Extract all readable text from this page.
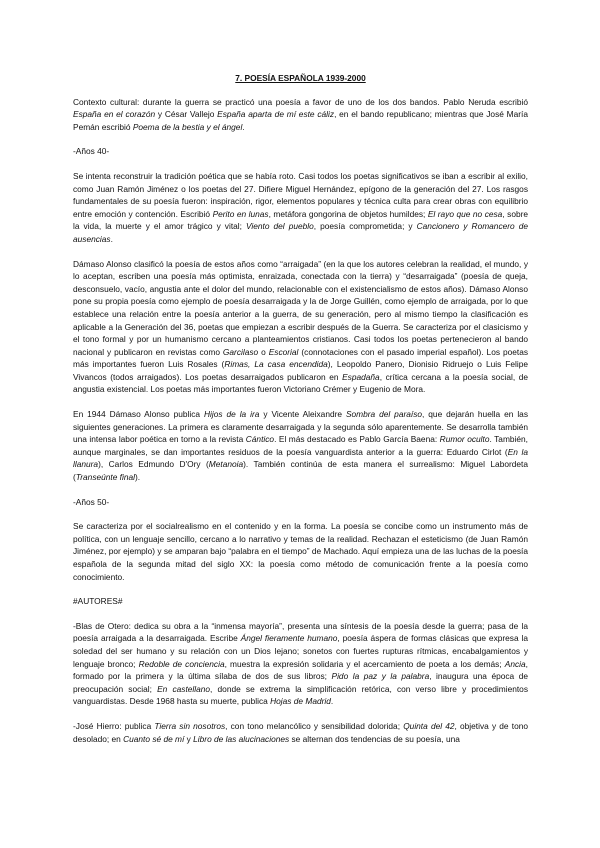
7. POESÍA ESPAÑOLA 1939-2000

Contexto cultural: durante la guerra se practicó una poesía a favor de uno de los dos bandos. Pablo Neruda escribió España en el corazón y César Vallejo España aparta de mí este cáliz, en el bando republicano; mientras que José María Pemán escribió Poema de la bestia y el ángel.

-Años 40-

Se intenta reconstruir la tradición poética que se había roto. Casi todos los poetas significativos se iban a escribir al exilio, como Juan Ramón Jiménez o los poetas del 27. Difiere Miguel Hernández, epígono de la generación del 27. Los rasgos fundamentales de su poesía fueron: inspiración, rigor, elementos populares y técnica culta para crear obras con equilibrio entre emoción y contención. Escribió Perito en lunas, metáfora gongorina de objetos humildes; El rayo que no cesa, sobre la vida, la muerte y el amor trágico y vital; Viento del pueblo, poesía comprometida; y Cancionero y Romancero de ausencias.

Dámaso Alonso clasificó la poesía de estos años como “arraigada” (en la que los autores celebran la realidad, el mundo, y lo aceptan, escriben una poesía más optimista, enraizada, conectada con la tierra) y “desarraigada” (poesía de queja, desconsuelo, vacío, angustia ante el dolor del mundo, relacionable con el existencialismo de estos años). Dámaso Alonso pone su propia poesía como ejemplo de poesía desarraigada y la de Jorge Guillén, como ejemplo de arraigada, por lo que establece una relación entre la poesía anterior a la guerra, de su generación, pero al mismo tiempo la clasificación es aplicable a la Generación del 36, poetas que empiezan a escribir después de la Guerra. Se caracteriza por el clasicismo y el tono formal y por un humanismo cercano a planteamientos cristianos. Casi todos los poetas pertenecieron al bando nacional y publicaron en revistas como Garcilaso o Escorial (connotaciones con el pasado imperial español). Los poetas más importantes fueron Luis Rosales (Rimas, La casa encendida), Leopoldo Panero, Dionisio Ridruejo o Luis Felipe Vivancos (todos arraigados). Los poetas desarraigados publicaron en Espadaña, crítica cercana a la poesía social, de angustia existencial. Los poetas más importantes fueron Victoriano Crémer y Eugenio de Mora.

En 1944 Dámaso Alonso publica Hijos de la ira y Vicente Aleixandre Sombra del paraíso, que dejarán huella en las siguientes generaciones. La primera es claramente desarraigada y la segunda sólo aparentemente. Se desarrolla también una intensa labor poética en torno a la revista Cántico. El más destacado es Pablo García Baena: Rumor oculto. También, aunque marginales, se dan importantes residuos de la poesía vanguardista anterior a la guerra: Eduardo Cirlot (En la llanura), Carlos Edmundo D'Ory (Metanoia). También continúa de esta manera el surrealismo: Miguel Labordeta (Transeúnte final).

-Años 50-

Se caracteriza por el socialrealismo en el contenido y en la forma. La poesía se concibe como un instrumento más de política, con un lenguaje sencillo, cercano a lo narrativo y temas de la realidad. Rechazan el esteticismo (de Juan Ramón Jiménez, por ejemplo) y se amparan bajo “palabra en el tiempo” de Machado. Aquí empieza una de las luchas de la poesía española de la segunda mitad del siglo XX: la poesía como método de comunicación frente a la poesía como conocimiento.

#AUTORES#

-Blas de Otero: dedica su obra a la “inmensa mayoría”, presenta una síntesis de la poesía desde la guerra; pasa de la poesía arraigada a la desarraigada. Escribe Ángel fieramente humano, poesía áspera de formas clásicas que expresa la soledad del ser humano y su relación con un Dios lejano; sonetos con fuertes rupturas rítmicas, encabalgamientos y lenguaje bronco; Redoble de conciencia, muestra la expresión solidaria y el acercamiento de poeta a los demás; Ancia, formado por la primera y la última sílaba de dos de sus libros; Pido la paz y la palabra, inaugura una época de preocupación social; En castellano, donde se extrema la simplificación retórica, con verso libre y procedimientos vanguardistas. Desde 1968 hasta su muerte, publica Hojas de Madrid.

-José Hierro: publica Tierra sin nosotros, con tono melancólico y sensibilidad dolorida; Quinta del 42, objetiva y de tono desolado; en Cuanto sé de mí y Libro de las alucinaciones se alternan dos tendencias de su poesía, una
